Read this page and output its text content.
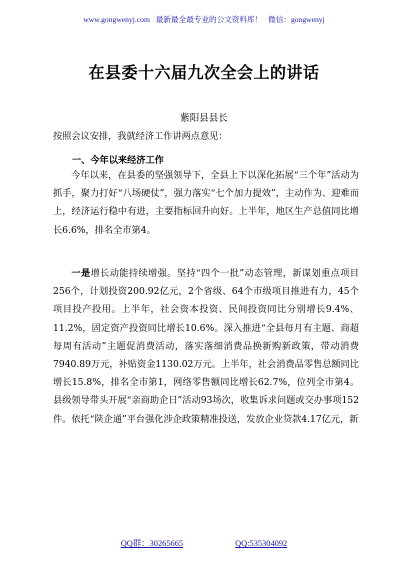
www.gongwenyj.com 最新最全最专业的公文资料库！ 微信：gongwenyj
在县委十六届九次全会上的讲话
紫阳县县长
按照会议安排，我就经济工作讲两点意见：
一、今年以来经济工作
今年以来，在县委的坚强领导下，全县上下以深化拓展“三个年”活动为抓手，聚力打好“八场硬仗”，强力落实“七个加力提效”，主动作为、迎难而上，经济运行稳中有进，主要指标回升向好。上半年，地区生产总值同比增长6.6%，排名全市第4。
一是增长动能持续增强。坚持“四个一批”动态管理，新谋划重点项目256个，计划投资200.92亿元，2个省级、64个市级项目推进有力，45个项目投产投用。上半年，社会资本投资、民间投资同比分别增长9.4%、11.2%，固定资产投资同比增长10.6%。深入推进“全县每月有主题、商超每周有活动”主题促消费活动，落实落细消费品换新购新政策，带动消费7940.89万元，补贴资金1130.02万元。上半年，社会消费品零售总额同比增长15.8%，排名全市第1，网络零售额同比增长62.7%，位列全市第4。县级领导带头开展“亲商助企日”活动93场次，收集诉求问题或交办事项152件。依托“陕企通”平台强化涉企政策精准投送，发放企业贷款4.17亿元，新
QQ群：30265665	QQ:535304092
